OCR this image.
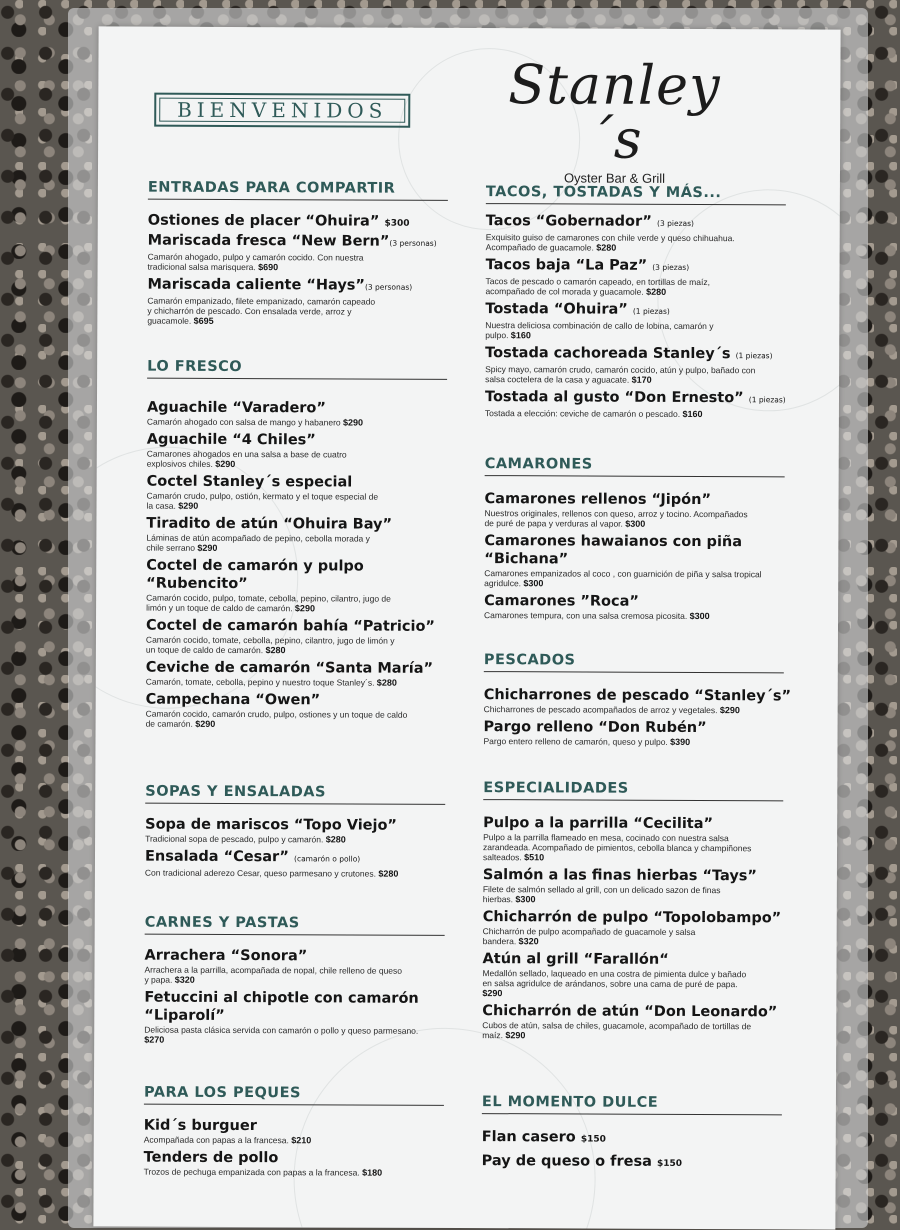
BIENVENIDOS	Stanley´s
Oyster Bar & Grill
ENTRADAS PARA COMPARTIR
Ostiones de placer “Ohuira” $300
Mariscada fresca “New Bern”(3 personas)
Camarón ahogado, pulpo y camarón cocido. Con nuestra tradicional salsa marisquera. $690
Mariscada caliente “Hays”(3 personas)
Camarón empanizado, filete empanizado, camarón capeado y chicharrón de pescado. Con ensalada verde, arroz y guacamole. $695
LO FRESCO
Aguachile “Varadero”
Camarón ahogado con salsa de mango y habanero $290
Aguachile “4 Chiles”
Camarones ahogados en una salsa a base de cuatro explosivos chiles. $290
Coctel Stanley´s especial
Camarón crudo, pulpo, ostión, kermato y el toque especial de la casa. $290
Tiradito de atún “Ohuira Bay”
Láminas de atún acompañado de pepino, cebolla morada y chile serrano $290
Coctel de camarón y pulpo “Rubencito”
Camarón cocido, pulpo, tomate, cebolla, pepino, cilantro, jugo de limón y un toque de caldo de camarón. $290
Coctel de camarón bahía “Patricio”
Camarón cocido, tomate, cebolla, pepino, cilantro, jugo de limón y un toque de caldo de camarón. $280
Ceviche de camarón “Santa María”
Camarón, tomate, cebolla, pepino y nuestro toque Stanley´s. $280
Campechana “Owen”
Camarón cocido, camarón crudo, pulpo, ostiones y un toque de caldo de camarón. $290
SOPAS Y ENSALADAS
Sopa de mariscos “Topo Viejo”
Tradicional sopa de pescado, pulpo y camarón. $280
Ensalada “Cesar” (camarón o pollo)
Con tradicional aderezo Cesar, queso parmesano y crutones. $280
CARNES Y PASTAS
Arrachera “Sonora”
Arrachera a la parrilla, acompañada de nopal, chile relleno de queso y papa. $320
Fetuccini al chipotle con camarón “Liparolí”
Deliciosa pasta clásica servida con camarón o pollo y queso parmesano. $270
PARA LOS PEQUES
Kid´s burguer
Acompañada con papas a la francesa. $210
Tenders de pollo
Trozos de pechuga empanizada con papas a la francesa. $180
TACOS, TOSTADAS Y MÁS...
Tacos “Gobernador” (3 piezas)
Exquisito guiso de camarones con chile verde y queso chihuahua. Acompañado de guacamole. $280
Tacos baja “La Paz” (3 piezas)
Tacos de pescado o camarón capeado, en tortillas de maíz, acompañado de col morada y guacamole. $280
Tostada “Ohuira” (1 piezas)
Nuestra deliciosa combinación de callo de lobina, camarón y pulpo. $160
Tostada cachoreada Stanley´s (1 piezas)
Spicy mayo, camarón crudo, camarón cocido, atún y pulpo, bañado con salsa coctelera de la casa y aguacate. $170
Tostada al gusto “Don Ernesto” (1 piezas)
Tostada a elección: ceviche de camarón o pescado. $160
CAMARONES
Camarones rellenos “Jipón”
Nuestros originales, rellenos con queso, arroz y tocino. Acompañados de puré de papa y verduras al vapor. $300
Camarones hawaianos con piña “Bichana”
Camarones empanizados al coco , con guarnición de piña y salsa tropical agridulce. $300
Camarones ”Roca”
Camarones tempura, con una salsa cremosa picosita. $300
PESCADOS
Chicharrones de pescado “Stanley´s”
Chicharrones de pescado acompañados de arroz y vegetales. $290
Pargo relleno “Don Rubén”
Pargo entero relleno de camarón, queso y pulpo. $390
ESPECIALIDADES
Pulpo a la parrilla “Cecilita”
Pulpo a la parrilla flameado en mesa, cocinado con nuestra salsa zarandeada. Acompañado de pimientos, cebolla blanca y champiñones salteados. $510
Salmón a las finas hierbas “Tays”
Filete de salmón sellado al grill, con un delicado sazon de finas hierbas. $300
Chicharrón de pulpo “Topolobampo”
Chicharrón de pulpo acompañado de guacamole y salsa bandera. $320
Atún al grill “Farallón“
Medallón sellado, laqueado en una costra de pimienta dulce y bañado en salsa agridulce de arándanos, sobre una cama de puré de papa. $290
Chicharrón de atún “Don Leonardo”
Cubos de atún, salsa de chiles, guacamole, acompañado de tortillas de maíz. $290
EL MOMENTO DULCE
Flan casero $150
Pay de queso o fresa $150
